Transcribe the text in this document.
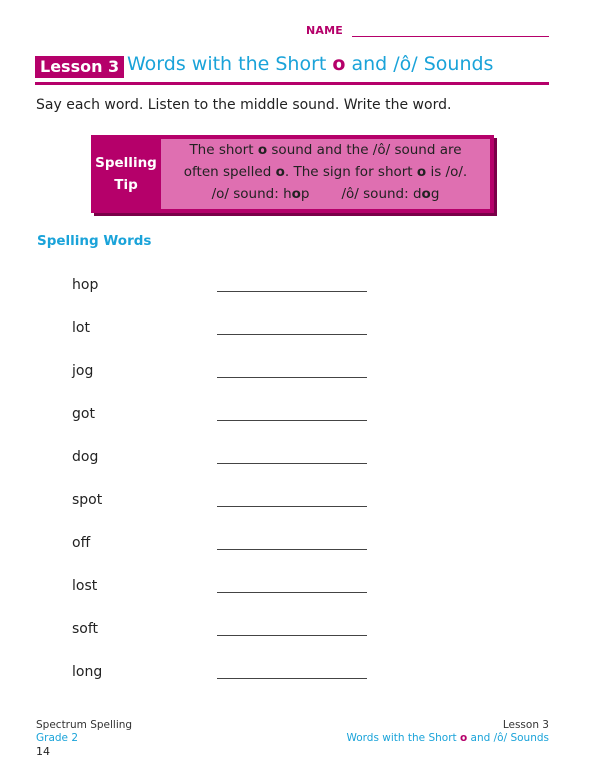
NAME
Lesson 3 Words with the Short o and /ô/ Sounds
Say each word. Listen to the middle sound. Write the word.
Spelling
Tip
The short o sound and the /ô/ sound are
often spelled o. The sign for short o is /o/.
/o/ sound: hop /ô/ sound: dog
Spelling Words
hop
lot
jog
got
dog
spot
off
lost
soft
long
Spectrum Spelling
Grade 2
14
Lesson 3
Words with the Short o and /ô/ Sounds
